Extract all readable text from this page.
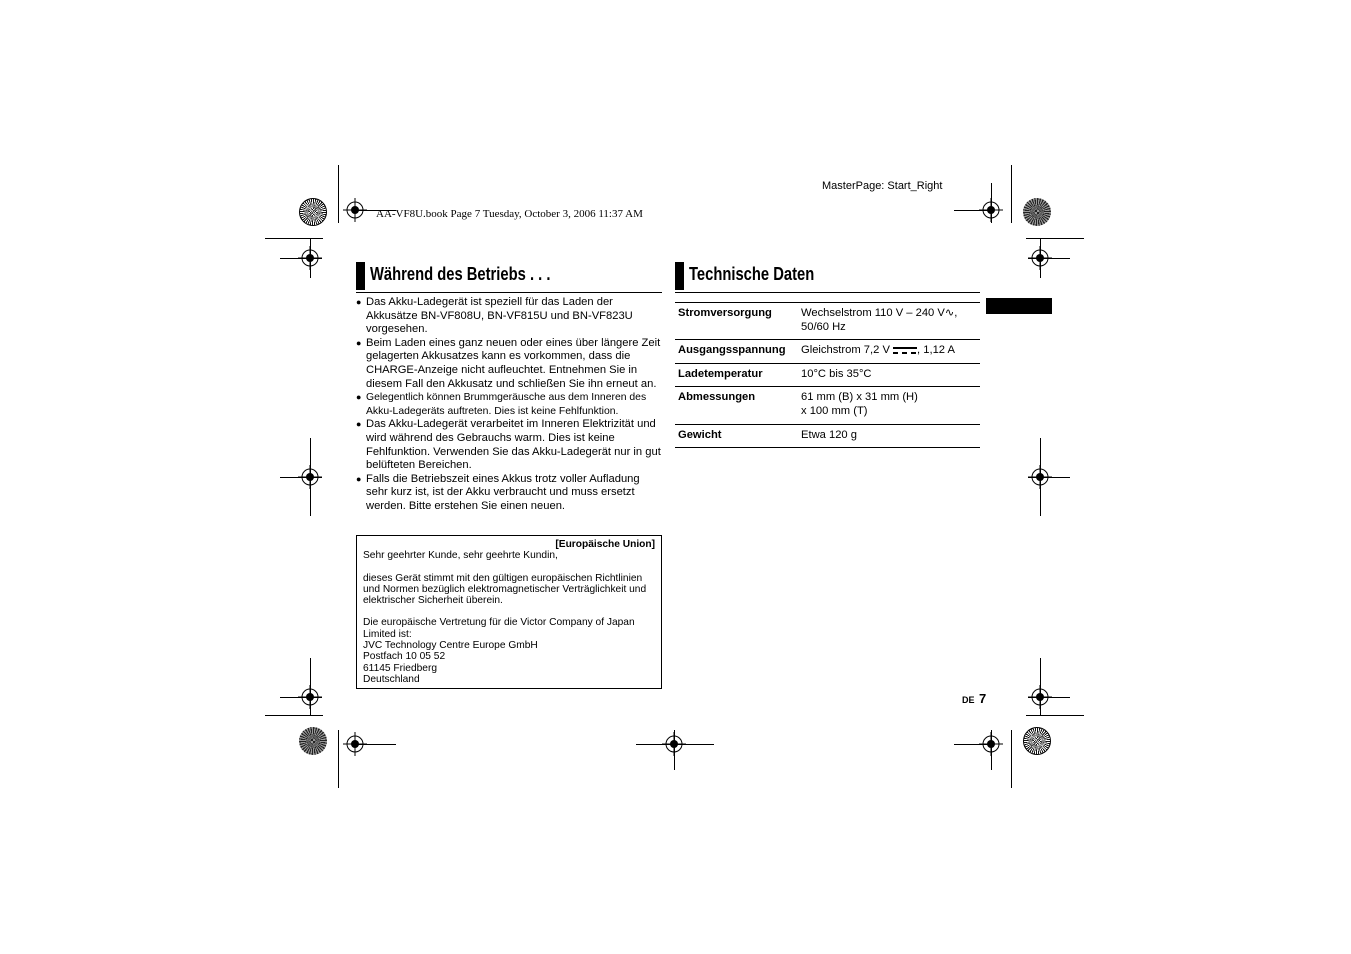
MasterPage: Start_Right
AA-VF8U.book Page 7 Tuesday, October 3, 2006 11:37 AM
Während des Betriebs . . .
● Das Akku-Ladegerät ist speziell für das Laden der Akkusätze BN-VF808U, BN-VF815U und BN-VF823U vorgesehen.
● Beim Laden eines ganz neuen oder eines über längere Zeit gelagerten Akkusatzes kann es vorkommen, dass die CHARGE-Anzeige nicht aufleuchtet. Entnehmen Sie in diesem Fall den Akkusatz und schließen Sie ihn erneut an.
● Gelegentlich können Brummgeräusche aus dem Inneren des Akku-Ladegeräts auftreten. Dies ist keine Fehlfunktion.
● Das Akku-Ladegerät verarbeitet im Inneren Elektrizität und wird während des Gebrauchs warm. Dies ist keine Fehlfunktion. Verwenden Sie das Akku-Ladegerät nur in gut belüfteten Bereichen.
● Falls die Betriebszeit eines Akkus trotz voller Aufladung sehr kurz ist, ist der Akku verbraucht und muss ersetzt werden. Bitte erstehen Sie einen neuen.
[Europäische Union]

Sehr geehrter Kunde, sehr geehrte Kundin,

dieses Gerät stimmt mit den gültigen europäischen Richtlinien und Normen bezüglich elektromagnetischer Verträglichkeit und elektrischer Sicherheit überein.

Die europäische Vertretung für die Victor Company of Japan Limited ist:

JVC Technology Centre Europe GmbH

Postfach 10 05 52

61145 Friedberg

Deutschland

Technische Daten
Stromversorgung	Wechselstrom 110 V – 240 V∿,
50/60 Hz
Ausgangsspannung	Gleichstrom 7,2 V , 1,12 A
Ladetemperatur	10°C bis 35°C
Abmessungen	61 mm (B) x 31 mm (H)
x 100 mm (T)
Gewicht	Etwa 120 g
DE 7
